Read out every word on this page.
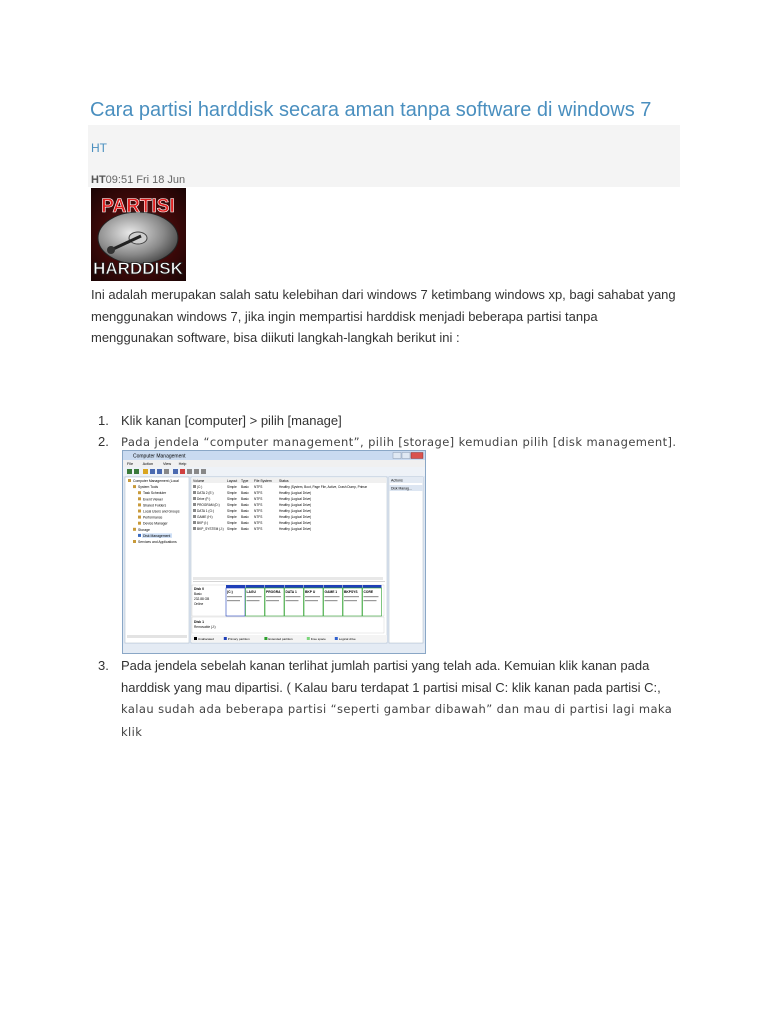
Cara partisi harddisk secara aman tanpa software di windows 7
HT
HT09:51 Fri 18 Jun
PARTISI
HARDDISK
Ini adalah merupakan salah satu kelebihan dari windows 7 ketimbang windows xp, bagi sahabat yang menggunakan windows 7, jika ingin mempartisi harddisk menjadi beberapa partisi tanpa menggunakan software, bisa diikuti langkah-langkah berikut ini :
1. Klik kanan [computer] > pilih [manage]
2. Pada jendela “computer management”, pilih [storage] kemudian pilih [disk management].
Computer Management
File Action	View Help
Computer Management (Local
System Tools
Task Scheduler
Event Viewer
Shared Folders
Local Users and Groups
Performance
Device Manager
Storage
Disk Management
Services and Applications
Volume	Layout Type File System Status
(C:)	Simple Basic NTFS	Healthy (System, Boot, Page File, Active, Crash Dump, Primar
DATA 2 (E:)	Simple Basic NTFS	Healthy (Logical Drive)
Drive (F:)	Simple Basic NTFS	Healthy (Logical Drive)
PROGRAM (D:) Simple Basic NTFS	Healthy (Logical Drive)
DATA 1 (G:)	Simple Basic NTFS	Healthy (Logical Drive)
GAME (H:)	Simple Basic NTFS	Healthy (Logical Drive)
BKP (I:)	Simple Basic NTFS	Healthy (Logical Drive)
BKP_SYSTEM (J:) Simple Basic NTFS	Healthy (Logical Drive)
Disk 0
Basic
232.88 GB
Online
(C:)	LAGU	PROGRA DATA 1 BKP U	GAME 1 BKPSYS CORE
Disk 1
Removable (J:)
Unallocated	Primary partition	Extended partition	Free space	Logical drive
Actions
Disk Manag...
3. Pada jendela sebelah kanan terlihat jumlah partisi yang telah ada. Kemuian klik kanan pada harddisk yang mau dipartisi. ( Kalau baru terdapat 1 partisi misal C: klik kanan pada partisi C:,
kalau sudah ada beberapa partisi “seperti gambar dibawah” dan mau di partisi lagi maka klik
